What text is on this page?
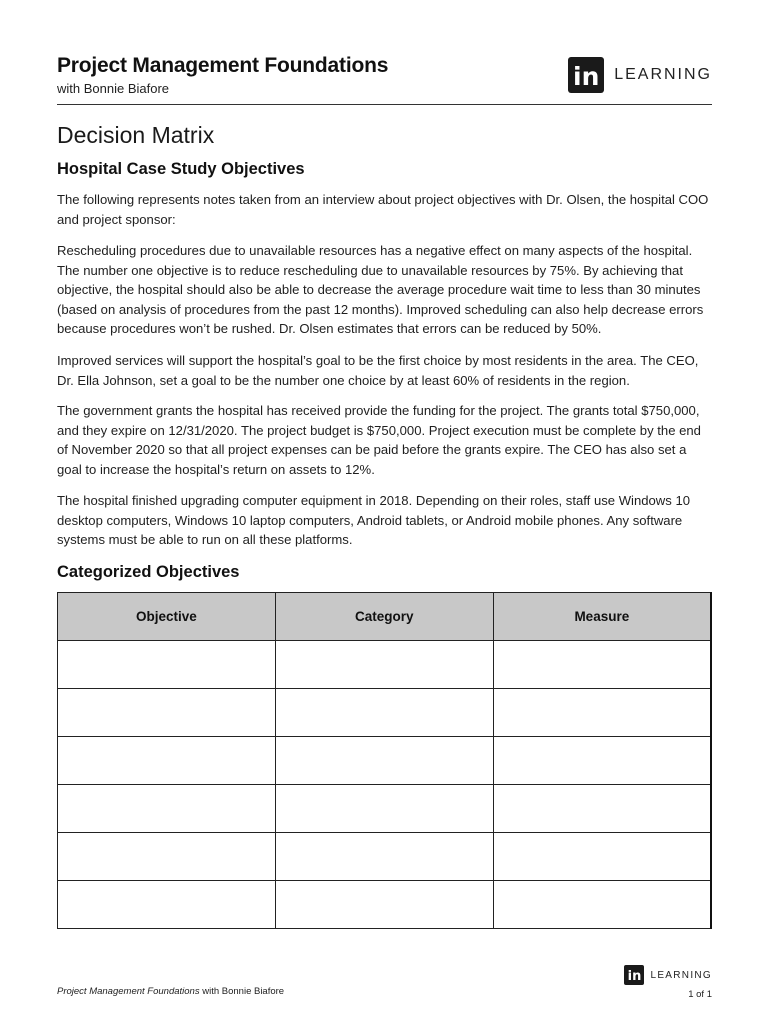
Project Management Foundations
with Bonnie Biafore	in LEARNING
Decision Matrix
Hospital Case Study Objectives

The following represents notes taken from an interview about project objectives with Dr. Olsen, the hospital COO and project sponsor:

Rescheduling procedures due to unavailable resources has a negative effect on many aspects of the hospital. The number one objective is to reduce rescheduling due to unavailable resources by 75%. By achieving that objective, the hospital should also be able to decrease the average procedure wait time to less than 30 minutes (based on analysis of procedures from the past 12 months). Improved scheduling can also help decrease errors because procedures won’t be rushed. Dr. Olsen estimates that errors can be reduced by 50%.

Improved services will support the hospital’s goal to be the first choice by most residents in the area. The CEO, Dr. Ella Johnson, set a goal to be the number one choice by at least 60% of residents in the region.

The government grants the hospital has received provide the funding for the project. The grants total $750,000, and they expire on 12/31/2020. The project budget is $750,000. Project execution must be complete by the end of November 2020 so that all project expenses can be paid before the grants expire. The CEO has also set a goal to increase the hospital’s return on assets to 12%.

The hospital finished upgrading computer equipment in 2018. Depending on their roles, staff use Windows 10 desktop computers, Windows 10 laptop computers, Android tablets, or Android mobile phones. Any software systems must be able to run on all these platforms.

Categorized Objectives
Objective	Category	Measure

Project Management Foundations with Bonnie Biafore
in LEARNING
1 of 1
